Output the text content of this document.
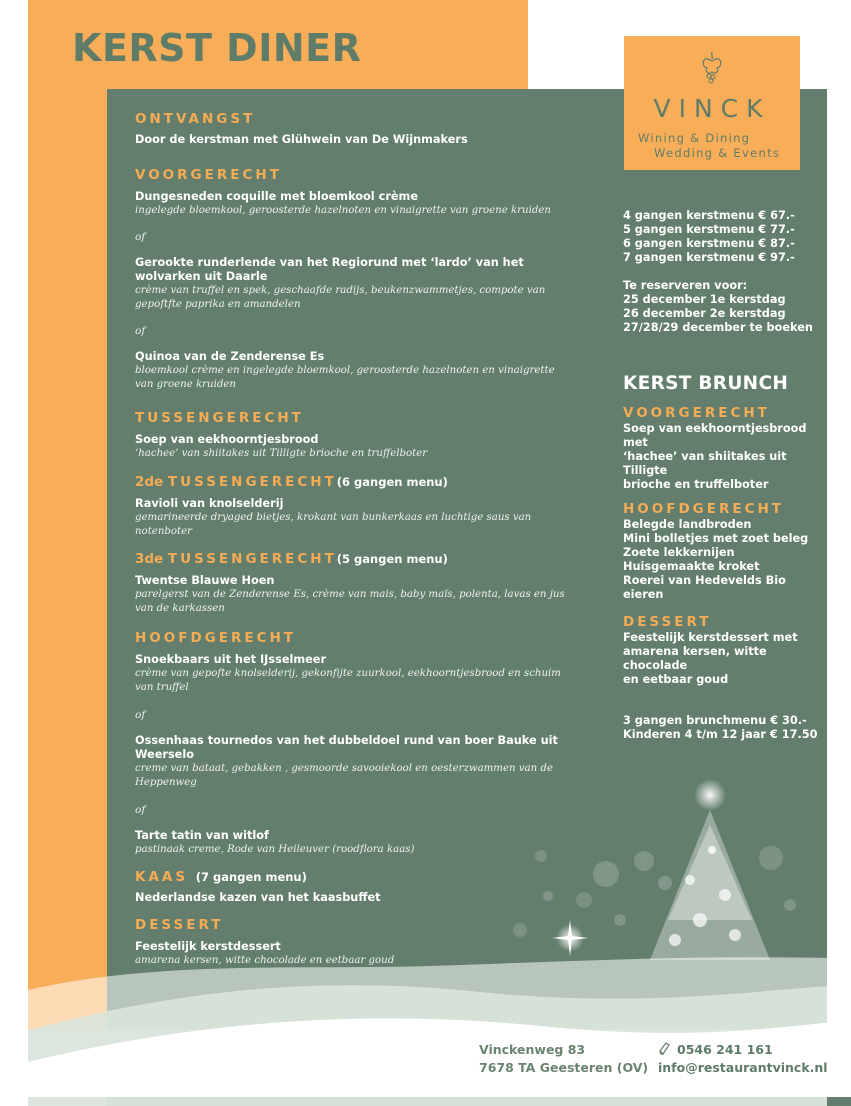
KERST DINER
VINCK
Wining & Dining
Wedding & Events
ONTVANGST
Door de kerstman met Glühwein van De Wijnmakers
VOORGERECHT
Dungesneden coquille met bloemkool crème
ingelegde bloemkool, geroosterde hazelnoten en vinaigrette van groene kruiden
of
Gerookte runderlende van het Regiorund met ‘lardo’ van het wolvarken uit Daarle
crème van truffel en spek, geschaafde radijs, beukenzwammetjes, compote van gepoftfte paprika en amandelen
of
Quinoa van de Zenderense Es
bloemkool crème en ingelegde bloemkool, geroosterde hazelnoten en vinaigrette van groene kruiden
TUSSENGERECHT
Soep van eekhoorntjesbrood
‘hachee’ van shiitakes uit Tilligte brioche en truffelboter
2de TUSSENGERECHT(6 gangen menu)
Ravioli van knolselderij
gemarineerde dryaged bietjes, krokant van bunkerkaas en luchtige saus van notenboter
3de TUSSENGERECHT(5 gangen menu)
Twentse Blauwe Hoen
parelgerst van de Zenderense Es, crème van mais, baby maïs, polenta, lavas en jus van de karkassen
HOOFDGERECHT
Snoekbaars uit het IJsselmeer
crème van gepofte knolselderij, gekonfijte zuurkool, eekhoorntjesbrood en schuim van truffel
of
Ossenhaas tournedos van het dubbeldoel rund van boer Bauke uit Weerselo
creme van bataat, gebakken , gesmoorde savooiekool en oesterzwammen van de Heppenweg
of
Tarte tatin van witlof
pastinaak creme, Rode van Heileuver (roodflora kaas)
KAAS (7 gangen menu)
Nederlandse kazen van het kaasbuffet
DESSERT
Feestelijk kerstdessert
amarena kersen, witte chocolade en eetbaar goud
4 gangen kerstmenu € 67.-
5 gangen kerstmenu € 77.-
6 gangen kerstmenu € 87.-
7 gangen kerstmenu € 97.-
Te reserveren voor:
25 december 1e kerstdag
26 december 2e kerstdag
27/28/29 december te boeken
KERST BRUNCH
VOORGERECHT
Soep van eekhoorntjesbrood met
‘hachee’ van shiitakes uit Tilligte
brioche en truffelboter
HOOFDGERECHT
Belegde landbroden
Mini bolletjes met zoet beleg
Zoete lekkernijen
Huisgemaakte kroket
Roerei van Hedevelds Bio eieren
DESSERT
Feestelijk kerstdessert met
amarena kersen, witte chocolade
en eetbaar goud
3 gangen brunchmenu € 30.-
Kinderen 4 t/m 12 jaar € 17.50
Vinckenweg 83
7678 TA Geesteren (OV)
0546 241 161
info@restaurantvinck.nl
